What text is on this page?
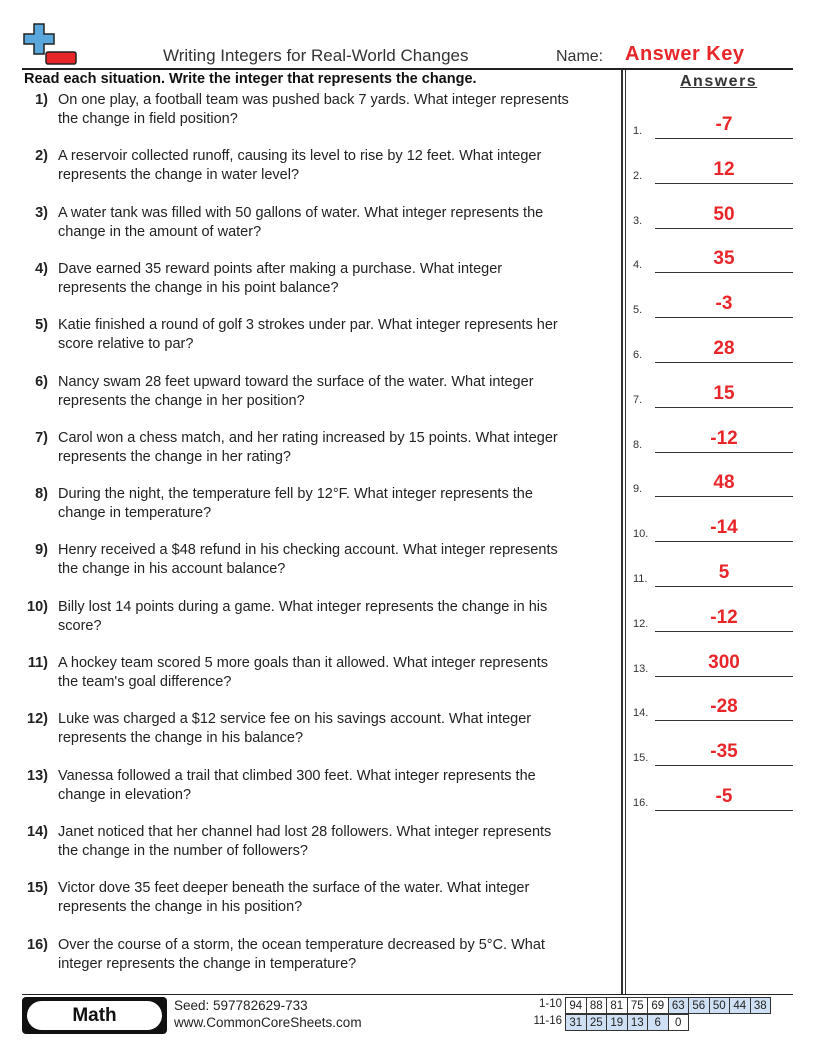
Writing Integers for Real-World Changes	Name: Answer Key
Read each situation. Write the integer that represents the change.	Answers
1) On one play, a football team was pushed back 7 yards. What integer represents
the change in field position?
2) A reservoir collected runoff, causing its level to rise by 12 feet. What integer
represents the change in water level?
3) A water tank was filled with 50 gallons of water. What integer represents the
change in the amount of water?
4) Dave earned 35 reward points after making a purchase. What integer
represents the change in his point balance?
5) Katie finished a round of golf 3 strokes under par. What integer represents her
score relative to par?
6) Nancy swam 28 feet upward toward the surface of the water. What integer
represents the change in her position?
7) Carol won a chess match, and her rating increased by 15 points. What integer
represents the change in her rating?
8) During the night, the temperature fell by 12°F. What integer represents the
change in temperature?
9) Henry received a $48 refund in his checking account. What integer represents
the change in his account balance?
10) Billy lost 14 points during a game. What integer represents the change in his
score?
11) A hockey team scored 5 more goals than it allowed. What integer represents
the team's goal difference?
12) Luke was charged a $12 service fee on his savings account. What integer
represents the change in his balance?
13) Vanessa followed a trail that climbed 300 feet. What integer represents the
change in elevation?
14) Janet noticed that her channel had lost 28 followers. What integer represents
the change in the number of followers?
15) Victor dove 35 feet deeper beneath the surface of the water. What integer
represents the change in his position?
16) Over the course of a storm, the ocean temperature decreased by 5°C. What
integer represents the change in temperature?
1.	-7
2.	12
3.	50
4.	35
5.	-3
6.	28
7.	15
8.	-12
9.	48
10.	-14
11.	5
12.	-12
13.	300
14.	-28
15.	-35
16.	-5
Math	Seed: 597782629-733
www.CommonCoreSheets.com
1-10 94	88	81	75	69	63	56	50	44	38
11-16 31	25	19	13	6	0
